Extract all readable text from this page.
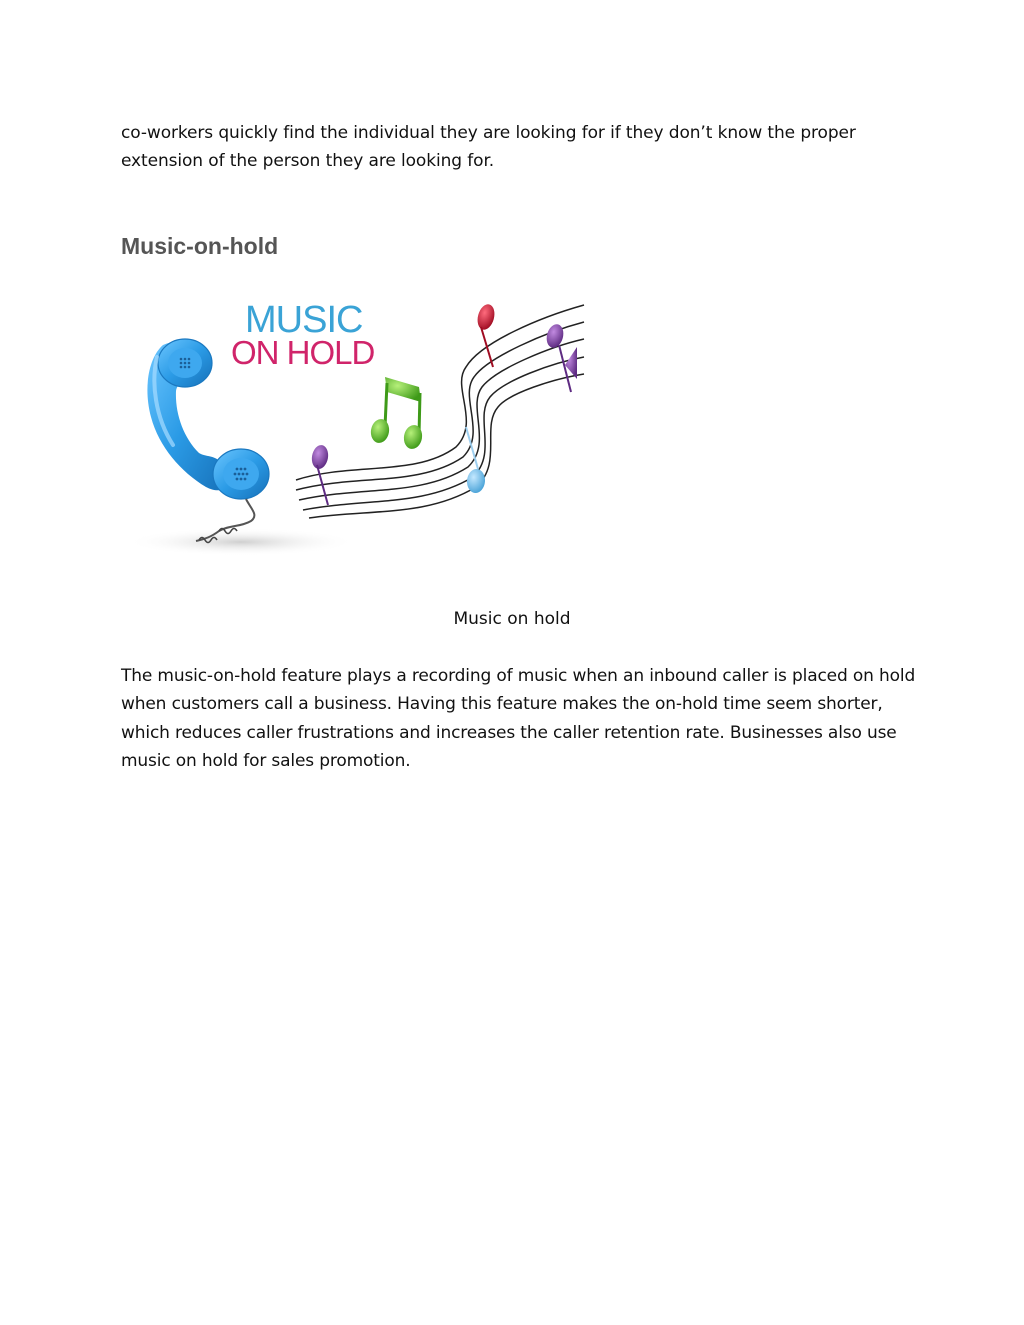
co-workers quickly find the individual they are looking for if they don’t know the proper
extension of the person they are looking for.
Music-on-hold
MUSIC
ON HOLD
Music on hold
The music-on-hold feature plays a recording of music when an inbound caller is placed on hold
when customers call a business. Having this feature makes the on-hold time seem shorter,
which reduces caller frustrations and increases the caller retention rate. Businesses also use
music on hold for sales promotion.
